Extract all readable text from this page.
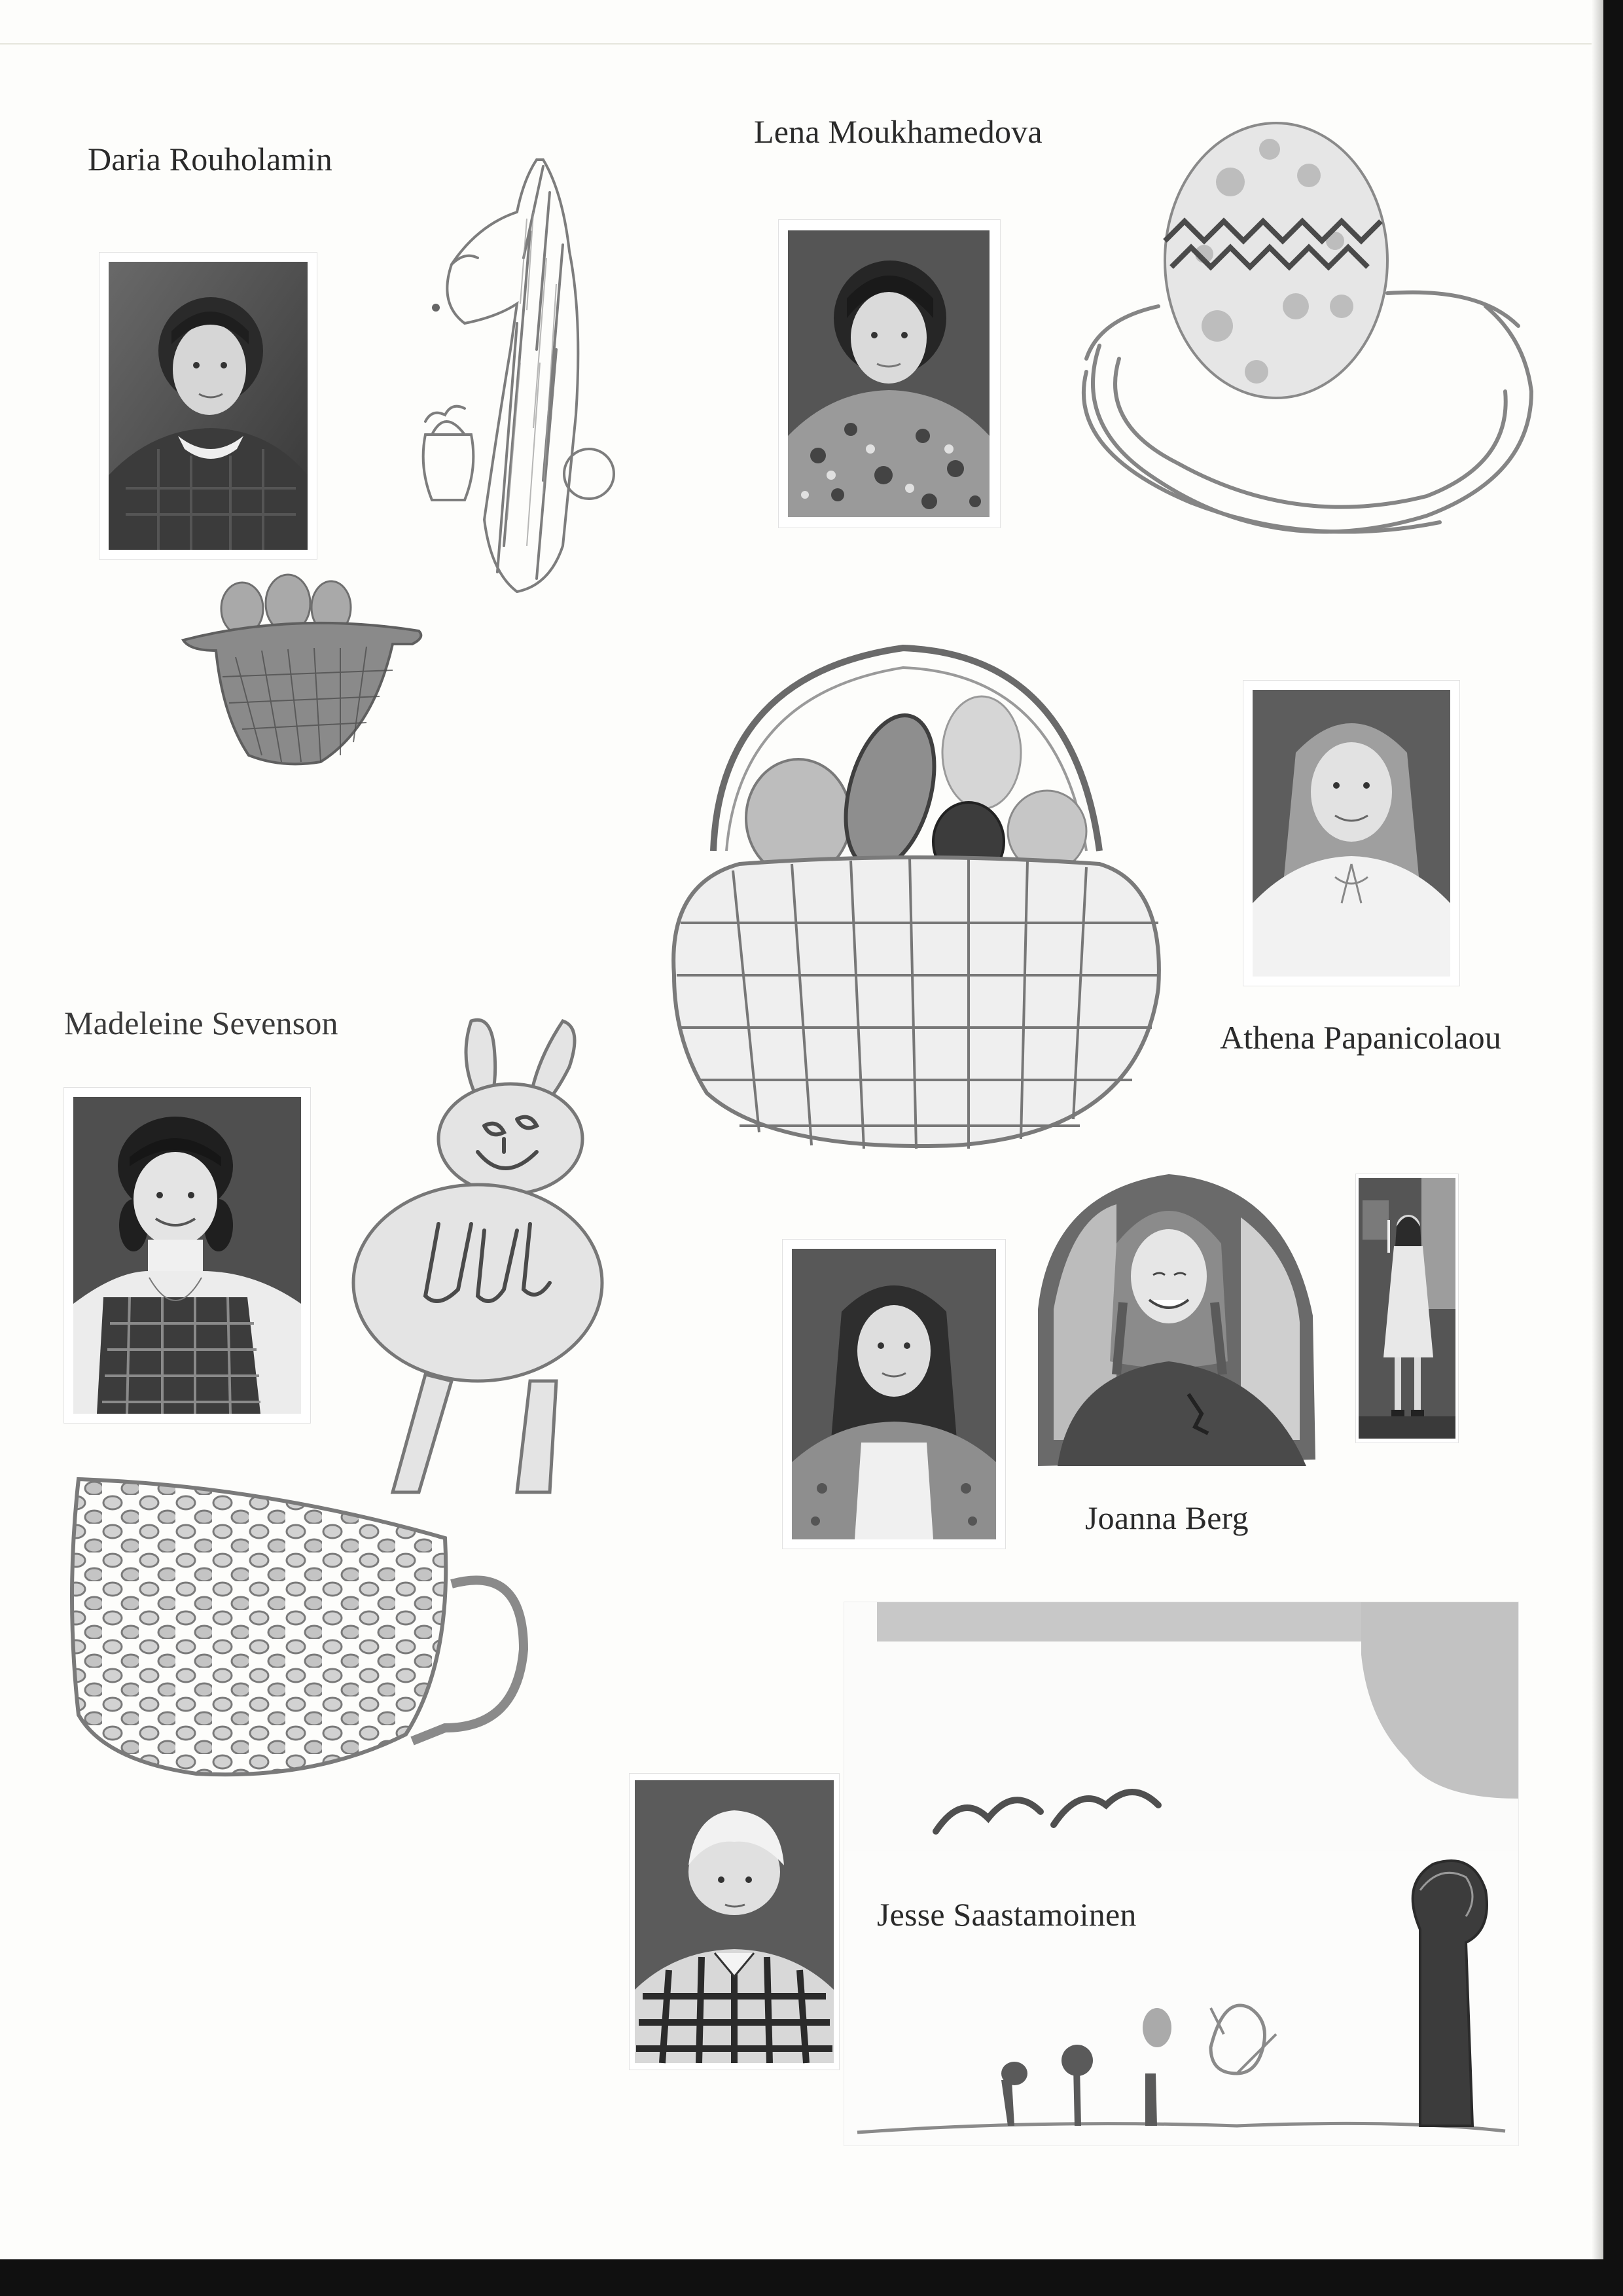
Daria Rouholamin
Lena Moukhamedova
Athena Papanicolaou
Madeleine Sevenson
Joanna Berg
Jesse Saastamoinen
